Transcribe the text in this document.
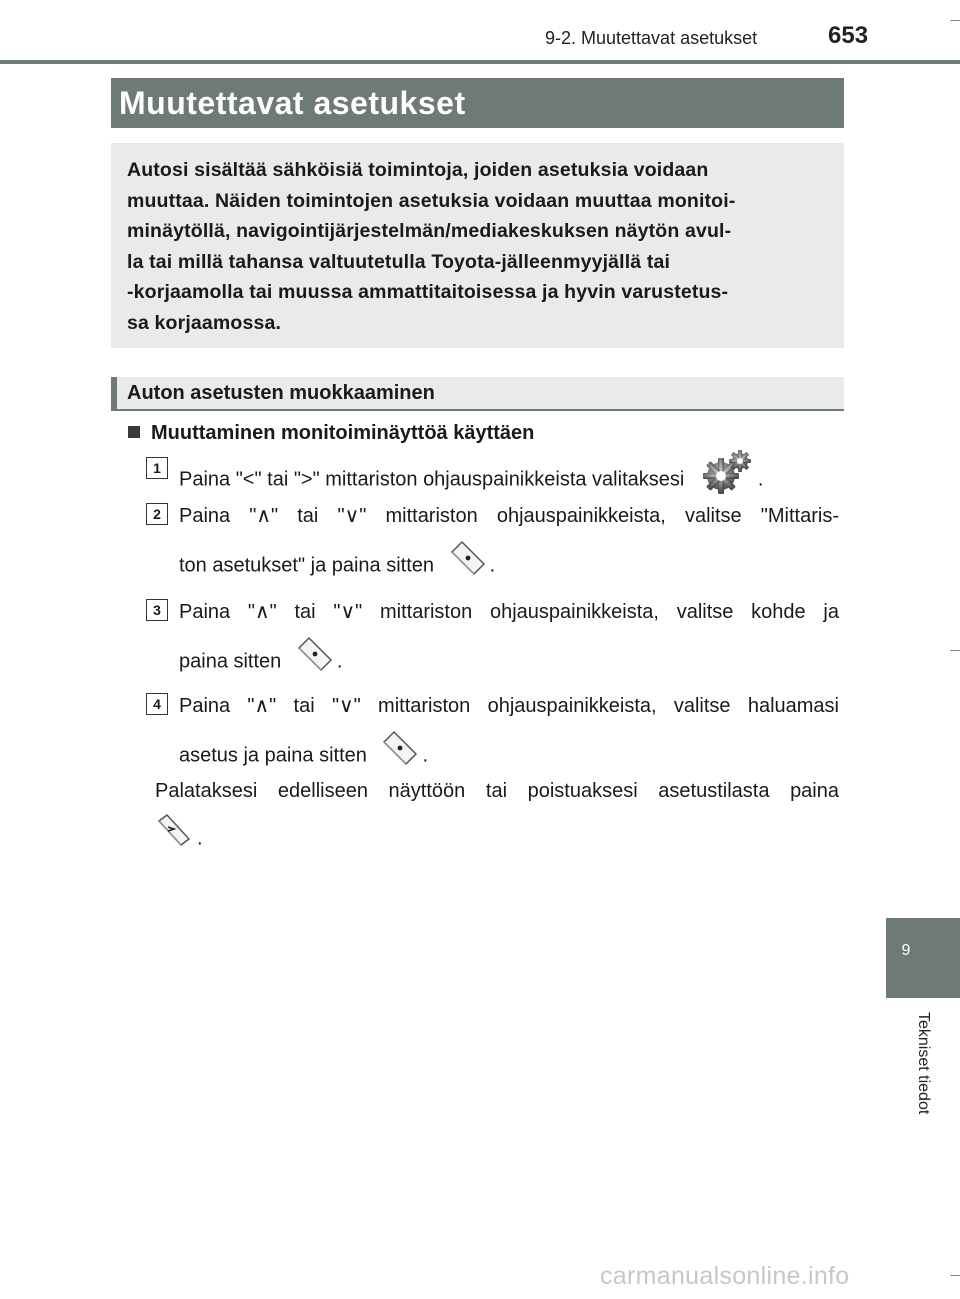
9-2. Muutettavat asetukset	653
Muutettavat asetukset

Autosi sisältää sähköisiä toimintoja, joiden asetuksia voidaan
muuttaa. Näiden toimintojen asetuksia voidaan muuttaa monitoi-
minäytöllä, navigointijärjestelmän/mediakeskuksen näytön avul-
la tai millä tahansa valtuutetulla Toyota-jälleenmyyjällä tai
-korjaamolla tai muussa ammattitaitoisessa ja hyvin varustetus-
sa korjaamossa.

Auton asetusten muokkaaminen
Muuttaminen monitoiminäyttöä käyttäen
1
Paina "<" tai ">" mittariston ohjauspainikkeista valitaksesi	.
2 Paina "∧" tai "∨" mittariston ohjauspainikkeista, valitse "Mittaris-
ton asetukset" ja paina sitten	.
3 Paina "∧" tai "∨" mittariston ohjauspainikkeista, valitse kohde ja
paina sitten	.
4 Paina "∧" tai "∨" mittariston ohjauspainikkeista, valitse haluamasi
asetus ja paina sitten	.
Palataksesi edelliseen näyttöön tai poistuaksesi asetustilasta paina
.
9
Tekniset tiedot
carmanualsonline.info
